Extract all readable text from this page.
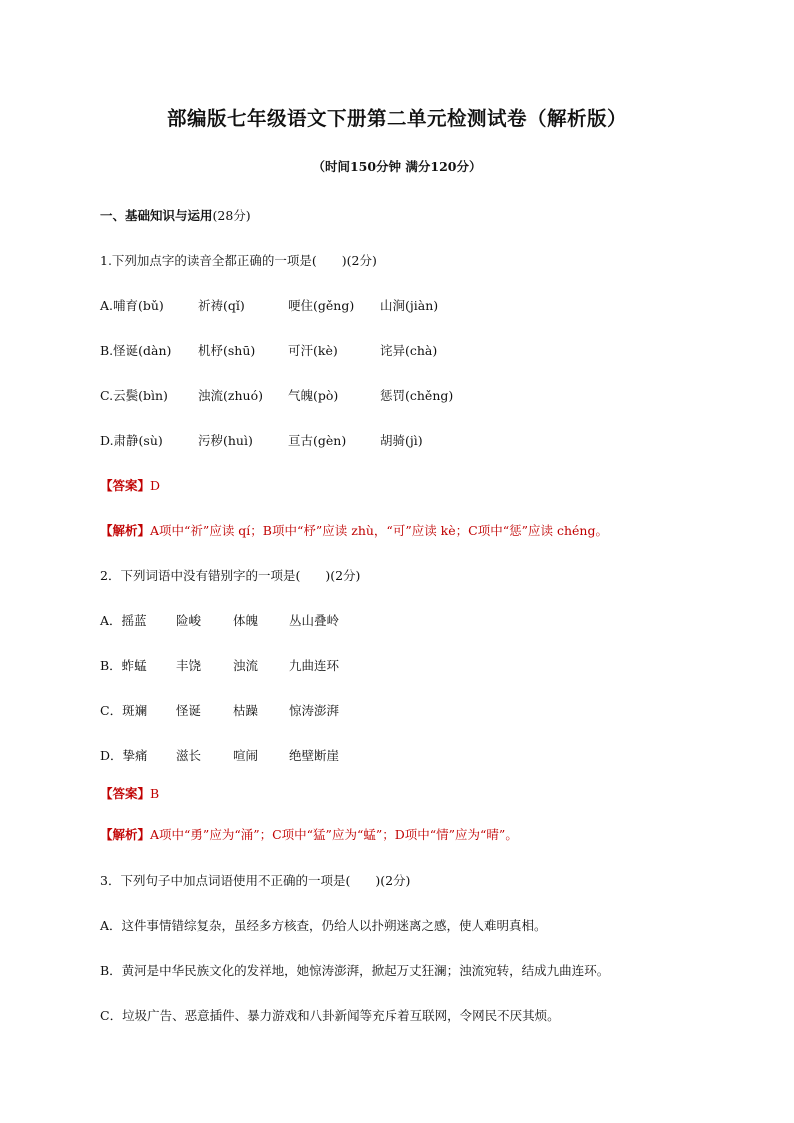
部编版七年级语文下册第二单元检测试卷（解析版）
（时间150分钟 满分120分）
一、基础知识与运用(28分)
1.下列加点字的读音全都正确的一项是(　　)(2分)
A.哺育(bǔ)	祈祷(qǐ)	哽住(gěng) 山涧(jiàn)
B.怪诞(dàn) 机杼(shū)	可汗(kè)	诧异(chà)
C.云鬓(bìn) 浊流(zhuó) 气魄(pò)	惩罚(chěng)
D.肃静(sù)	污秽(huì)	亘古(gèn)	胡骑(jì)
【答案】D
【解析】A项中“祈”应读 qí；B项中“杼”应读 zhù，“可”应读 kè；C项中“惩”应读 chéng。
2．下列词语中没有错别字的一项是(　　)(2分)
A．摇蓝 险峻	体魄 丛山叠岭
B．蚱蜢 丰饶	浊流 九曲连环
C．斑斓 怪诞	枯躁 惊涛澎湃
D．挚痛 滋长	喧闹 绝壁断崖
【答案】B
【解析】A项中“勇”应为“涌”；C项中“猛”应为“蜢”；D项中“情”应为“晴”。
3．下列句子中加点词语使用不正确的一项是(　　)(2分)
A．这件事情错综复杂，虽经多方核查，仍给人以扑朔迷离之感，使人难明真相。
B．黄河是中华民族文化的发祥地，她惊涛澎湃，掀起万丈狂澜；浊流宛转，结成九曲连环。
C．垃圾广告、恶意插件、暴力游戏和八卦新闻等充斥着互联网，令网民不厌其烦。
